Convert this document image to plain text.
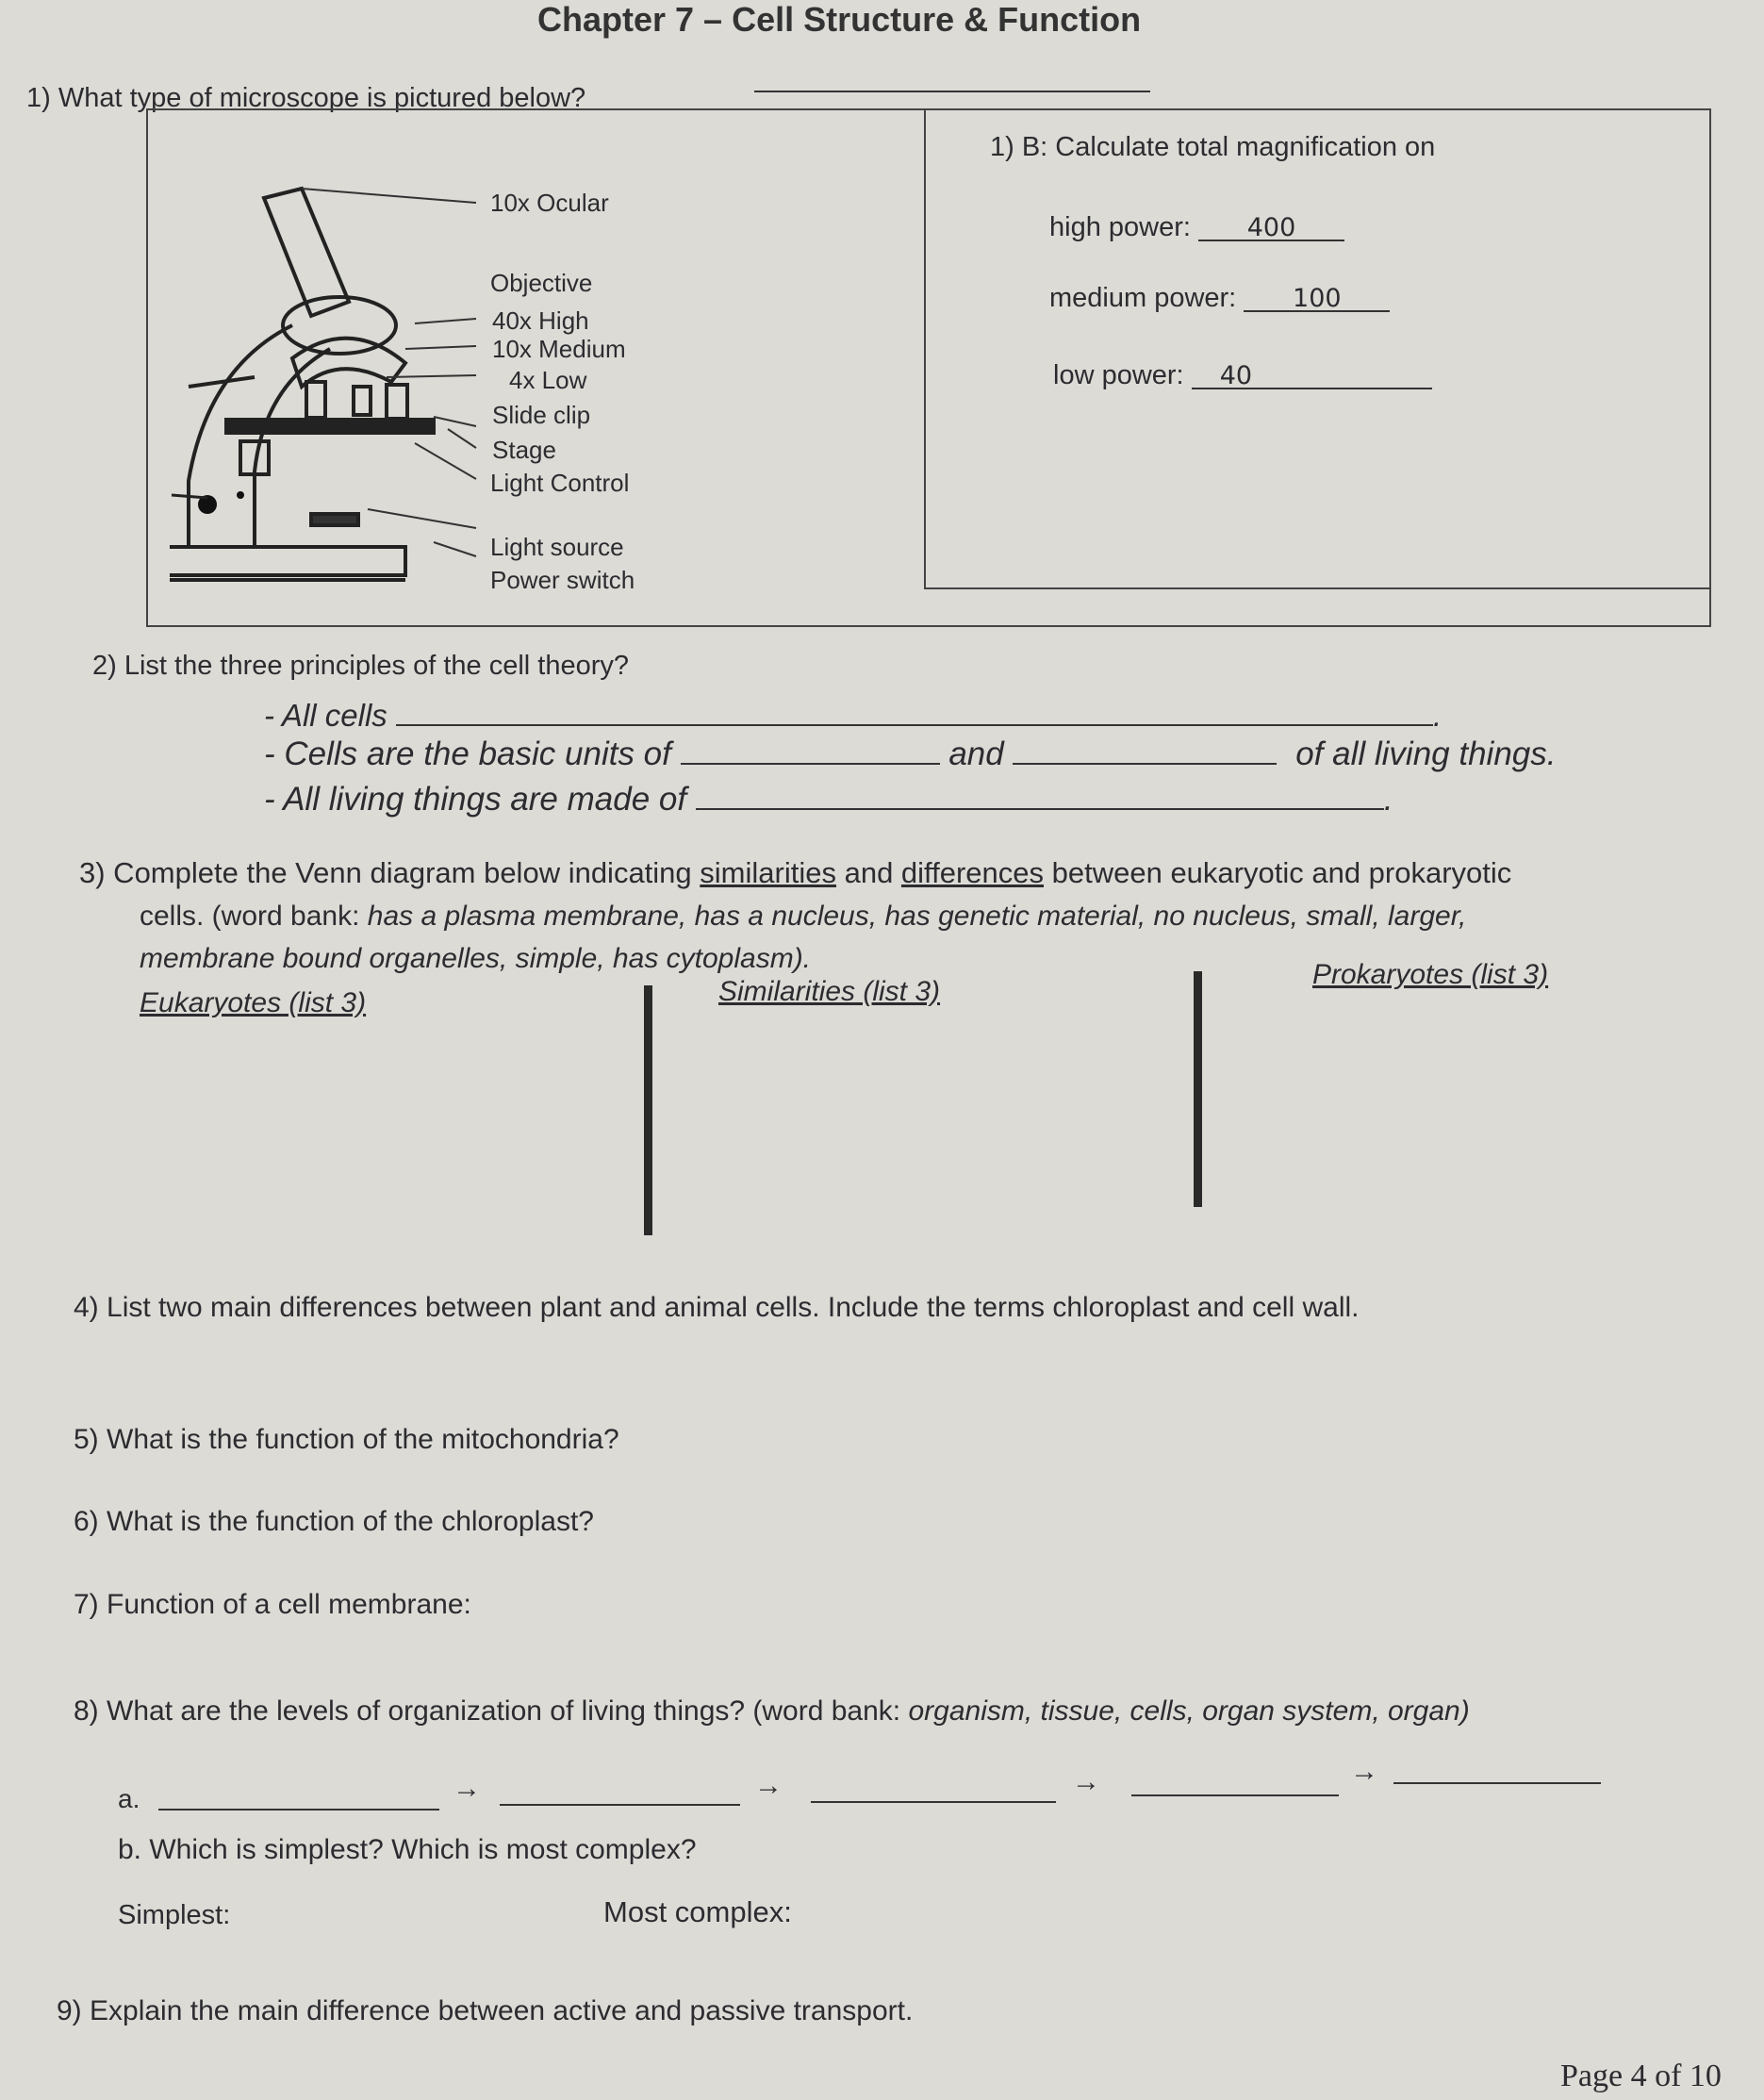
Chapter 7 – Cell Structure & Function
1) What type of microscope is pictured below?
10x Ocular
Objective
40x High
10x Medium
4x Low
Slide clip
Stage
Light Control
Light source
Power switch
1) B: Calculate total magnification on
high power: 400
medium power: 100
low power: 40
2) List the three principles of the cell theory?
- All cells	.
- Cells are the basic units of	and	of all living things.
- All living things are made of	.
3) Complete the Venn diagram below indicating similarities and differences between eukaryotic and prokaryotic
cells. (word bank: has a plasma membrane, has a nucleus, has genetic material, no nucleus, small, larger,
membrane bound organelles, simple, has cytoplasm).
Eukaryotes (list 3)	Similarities (list 3)
Prokaryotes (list 3)
4) List two main differences between plant and animal cells. Include the terms chloroplast and cell wall.
5) What is the function of the mitochondria?
6) What is the function of the chloroplast?
7) Function of a cell membrane:
8) What are the levels of organization of living things? (word bank: organism, tissue, cells, organ system, organ)
a.	→	→	→	→
b. Which is simplest? Which is most complex?
Simplest:	Most complex:
9) Explain the main difference between active and passive transport.
Page 4 of 10
